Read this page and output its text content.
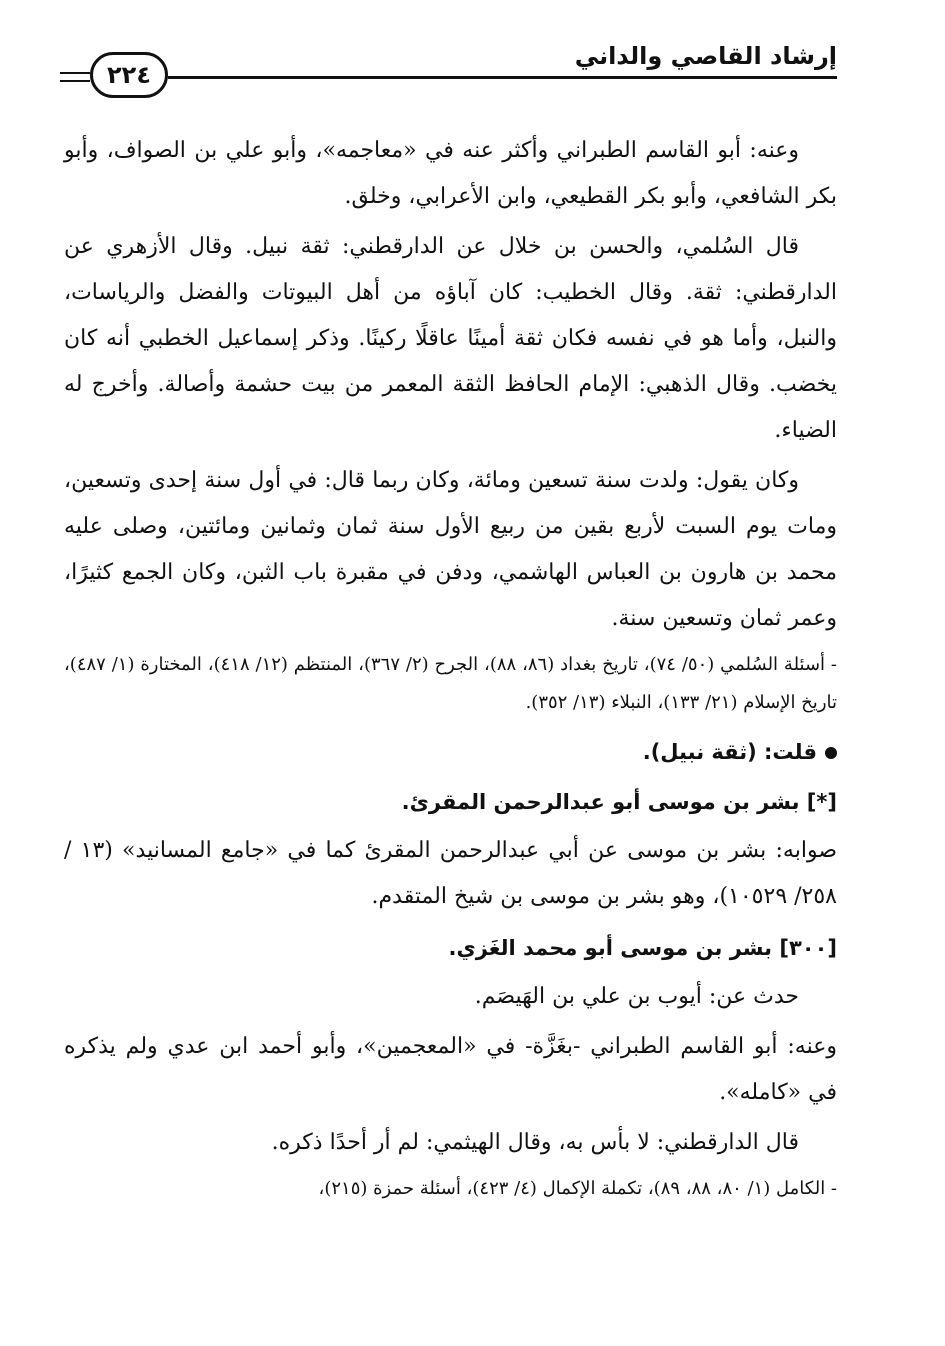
إرشاد القاصي والداني
٢٢٤

وعنه: أبو القاسم الطبراني وأكثر عنه في «معاجمه»، وأبو علي بن الصواف، وأبو بكر الشافعي، وأبو بكر القطيعي، وابن الأعرابي، وخلق.

قال السُلمي، والحسن بن خلال عن الدارقطني: ثقة نبيل. وقال الأزهري عن الدارقطني: ثقة. وقال الخطيب: كان آباؤه من أهل البيوتات والفضل والرياسات، والنبل، وأما هو في نفسه فكان ثقة أمينًا عاقلًا ركينًا. وذكر إسماعيل الخطبي أنه كان يخضب. وقال الذهبي: الإمام الحافظ الثقة المعمر من بيت حشمة وأصالة. وأخرج له الضياء.

وكان يقول: ولدت سنة تسعين ومائة، وكان ربما قال: في أول سنة إحدى وتسعين، ومات يوم السبت لأربع بقين من ربيع الأول سنة ثمان وثمانين ومائتين، وصلى عليه محمد بن هارون بن العباس الهاشمي، ودفن في مقبرة باب الثبن، وكان الجمع كثيرًا، وعمر ثمان وتسعين سنة.

- أسئلة السُلمي (٥٠/ ٧٤)، تاريخ بغداد (٨٦، ٨٨)، الجرح (٢/ ٣٦٧)، المنتظم (١٢/ ٤١٨)، المختارة (١/ ٤٨٧)، تاريخ الإسلام (٢١/ ١٣٣)، النبلاء (١٣/ ٣٥٢).

قلت: (ثقة نبيل).

[*] بشر بن موسى أبو عبدالرحمن المقرئ.

صوابه: بشر بن موسى عن أبي عبدالرحمن المقرئ كما في «جامع المسانيد» (١٣ / ٢٥٨/ ١٠٥٢٩)، وهو بشر بن موسى بن شيخ المتقدم.

[٣٠٠] بشر بن موسى أبو محمد الغَزي.

حدث عن: أيوب بن علي بن الهَيصَم.

وعنه: أبو القاسم الطبراني -بغَزَّة- في «المعجمين»، وأبو أحمد ابن عدي ولم يذكره في «كامله».

قال الدارقطني: لا بأس به، وقال الهيثمي: لم أر أحدًا ذكره.

- الكامل (١/ ٨٠، ٨٨، ٨٩)، تكملة الإكمال (٤/ ٤٢٣)، أسئلة حمزة (٢١٥)،
